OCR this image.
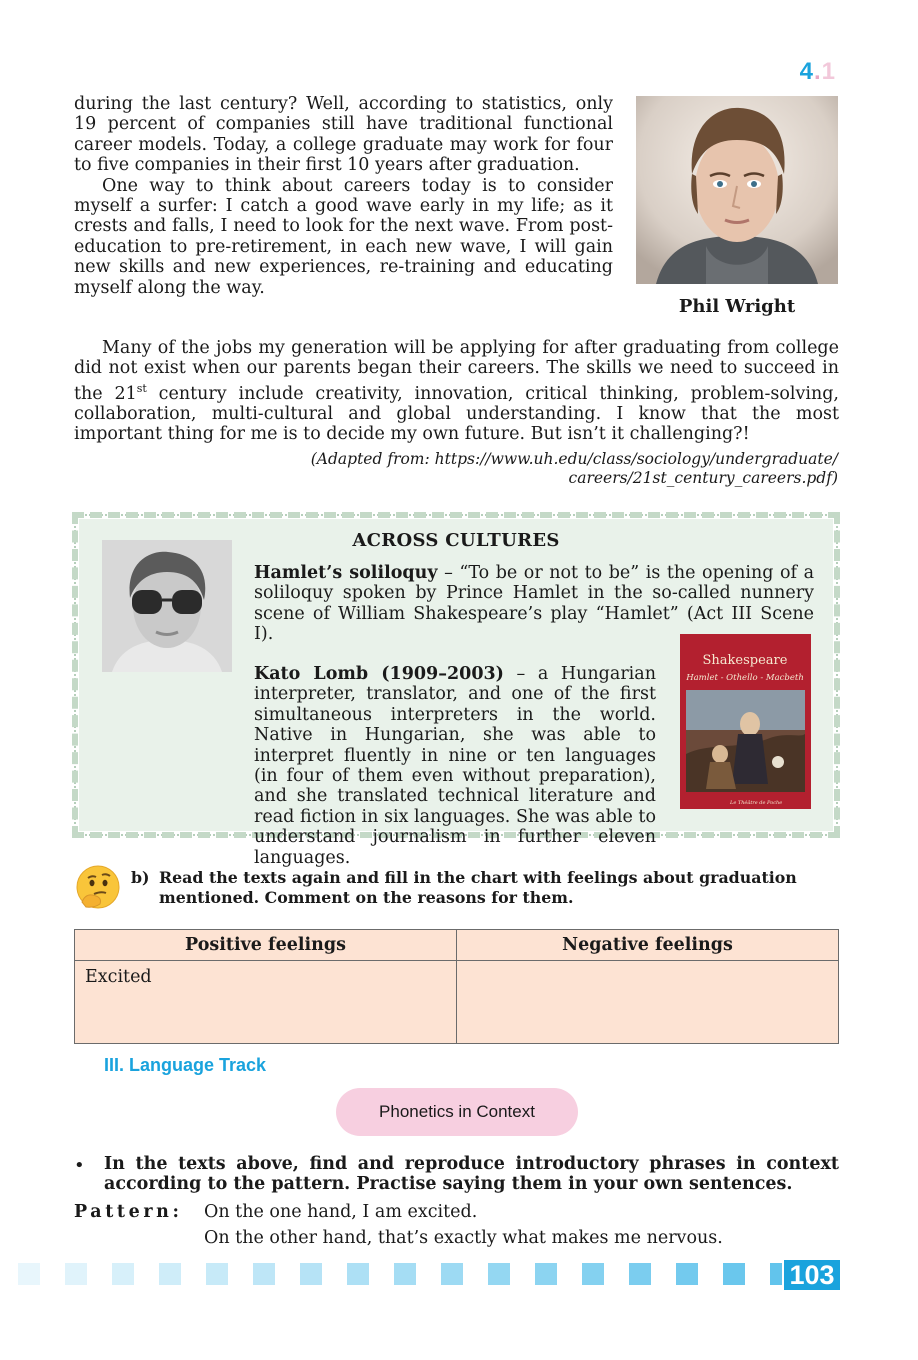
4.1

during the last century? Well, according to statistics, only 19 percent of companies still have traditional functional career models. Today, a college graduate may work for four to five companies in their first 10 years after graduation.

One way to think about careers today is to consider myself a surfer: I catch a good wave early in my life; as it crests and falls, I need to look for the next wave. From post-education to pre-retirement, in each new wave, I will gain new skills and new experiences, re-training and educating myself along the way.

Phil Wright

Many of the jobs my generation will be applying for after graduating from college did not exist when our parents began their careers. The skills we need to succeed in the 21st century include creativity, innovation, critical thinking, problem-solving, collaboration, multi-cultural and global understanding. I know that the most important thing for me is to decide my own future. But isn’t it challenging?!

(Adapted from: https://www.uh.edu/class/sociology/undergraduate/
careers/21st_century_careers.pdf)
ACROSS CULTURES
Hamlet’s soliloquy – “To be or not to be” is the opening of a soliloquy spoken by Prince Hamlet in the so-called nunnery scene of William Shakespeare’s play “Hamlet” (Act III Scene I).
Kato Lomb (1909–2003) – a Hungarian interpreter, translator, and one of the first simultaneous interpreters in the world. Native in Hungarian, she was able to interpret fluently in nine or ten languages (in four of them even without preparation), and she translated technical literature and read fiction in six languages. She was able to understand journalism in further eleven languages.
Shakespeare
Hamlet - Othello - Macbeth
Le Théâtre de Poche
b) Read the texts again and fill in the chart with feelings about graduation mentioned. Comment on the reasons for them.
Positive feelings	Negative feelings
Excited	
III. Language Track
Phonetics in Context
• In the texts above, find and reproduce introductory phrases in context according to the pattern. Practise saying them in your own sentences.
Pattern: On the one hand, I am excited.
On the other hand, that’s exactly what makes me nervous.
103
